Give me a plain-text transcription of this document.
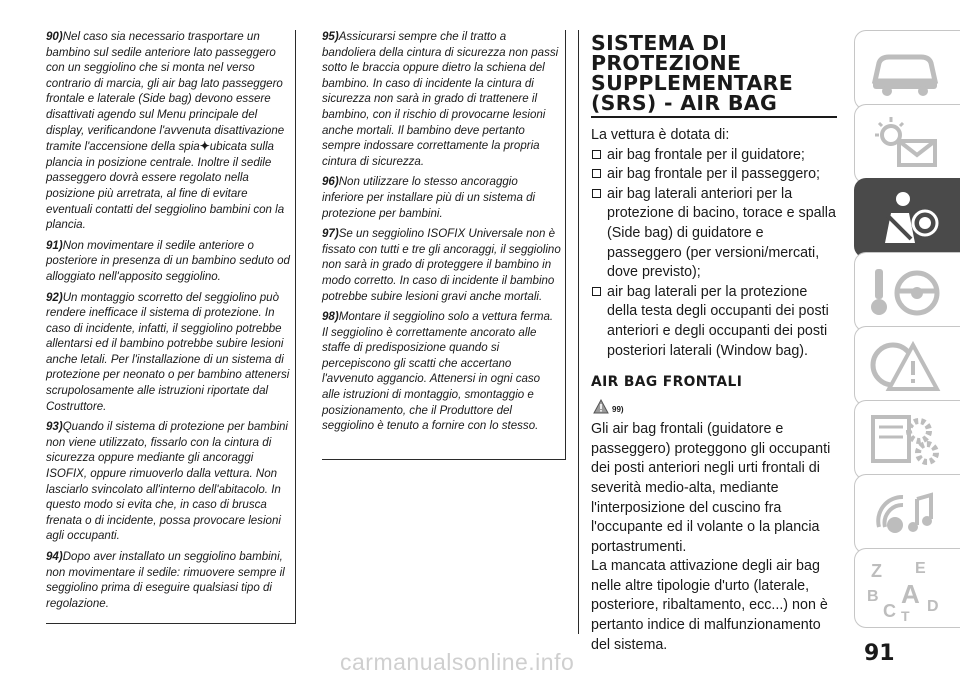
90)Nel caso sia necessario trasportare un bambino sul sedile anteriore lato passeggero con un seggiolino che si monta nel verso contrario di marcia, gli air bag lato passeggero frontale e laterale (Side bag) devono essere disattivati agendo sul Menu principale del display, verificandone l'avvenuta disattivazione tramite l'accensione della spia✦ubicata sulla plancia in posizione centrale. Inoltre il sedile passeggero dovrà essere regolato nella posizione più arretrata, al fine di evitare eventuali contatti del seggiolino bambini con la plancia.

91)Non movimentare il sedile anteriore o posteriore in presenza di un bambino seduto od alloggiato nell'apposito seggiolino.

92)Un montaggio scorretto del seggiolino può rendere inefficace il sistema di protezione. In caso di incidente, infatti, il seggiolino potrebbe allentarsi ed il bambino potrebbe subire lesioni anche letali. Per l'installazione di un sistema di protezione per neonato o per bambino attenersi scrupolosamente alle istruzioni riportate dal Costruttore.

93)Quando il sistema di protezione per bambini non viene utilizzato, fissarlo con la cintura di sicurezza oppure mediante gli ancoraggi ISOFIX, oppure rimuoverlo dalla vettura. Non lasciarlo svincolato all'interno dell'abitacolo. In questo modo si evita che, in caso di brusca frenata o di incidente, possa provocare lesioni agli occupanti.

94)Dopo aver installato un seggiolino bambini, non movimentare il sedile: rimuovere sempre il seggiolino prima di eseguire qualsiasi tipo di regolazione.

95)Assicurarsi sempre che il tratto a bandoliera della cintura di sicurezza non passi sotto le braccia oppure dietro la schiena del bambino. In caso di incidente la cintura di sicurezza non sarà in grado di trattenere il bambino, con il rischio di provocarne lesioni anche mortali. Il bambino deve pertanto sempre indossare correttamente la propria cintura di sicurezza.

96)Non utilizzare lo stesso ancoraggio inferiore per installare più di un sistema di protezione per bambini.

97)Se un seggiolino ISOFIX Universale non è fissato con tutti e tre gli ancoraggi, il seggiolino non sarà in grado di proteggere il bambino in modo corretto. In caso di incidente il bambino potrebbe subire lesioni gravi anche mortali.

98)Montare il seggiolino solo a vettura ferma. Il seggiolino è correttamente ancorato alle staffe di predisposizione quando si percepiscono gli scatti che accertano l'avvenuto aggancio. Attenersi in ogni caso alle istruzioni di montaggio, smontaggio e posizionamento, che il Produttore del seggiolino è tenuto a fornire con lo stesso.

SISTEMA DI PROTEZIONE SUPPLEMENTARE (SRS) - AIR BAG

La vettura è dotata di:

air bag frontale per il guidatore;
air bag frontale per il passeggero;
air bag laterali anteriori per la protezione di bacino, torace e spalla (Side bag) di guidatore e passeggero (per versioni/mercati, dove previsto);
air bag laterali per la protezione della testa degli occupanti dei posti anteriori e degli occupanti dei posti posteriori laterali (Window bag).
AIR BAG FRONTALI
99)

Gli air bag frontali (guidatore e passeggero) proteggono gli occupanti dei posti anteriori negli urti frontali di severità medio-alta, mediante l'interposizione del cuscino fra l'occupante ed il volante o la plancia portastrumenti.

La mancata attivazione degli air bag nelle altre tipologie d'urto (laterale, posteriore, ribaltamento, ecc...) non è pertanto indice di malfunzionamento del sistema.

Z E
B A
C T
D
91
carmanualsonline.info
